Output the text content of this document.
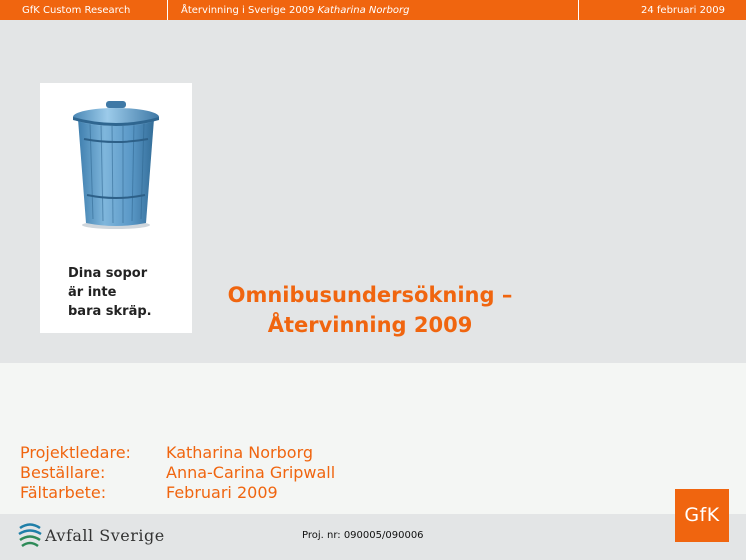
GfK Custom Research	Återvinning i Sverige 2009 Katharina Norborg	24 februari 2009
Dina sopor
är inte
bara skräp.
Omnibusundersökning –
Återvinning 2009
Projektledare: Katharina Norborg
Beställare:	Anna-Carina Gripwall
Fältarbete:	Februari 2009
Avfall Sverige	Proj. nr: 090005/090006
GfK
